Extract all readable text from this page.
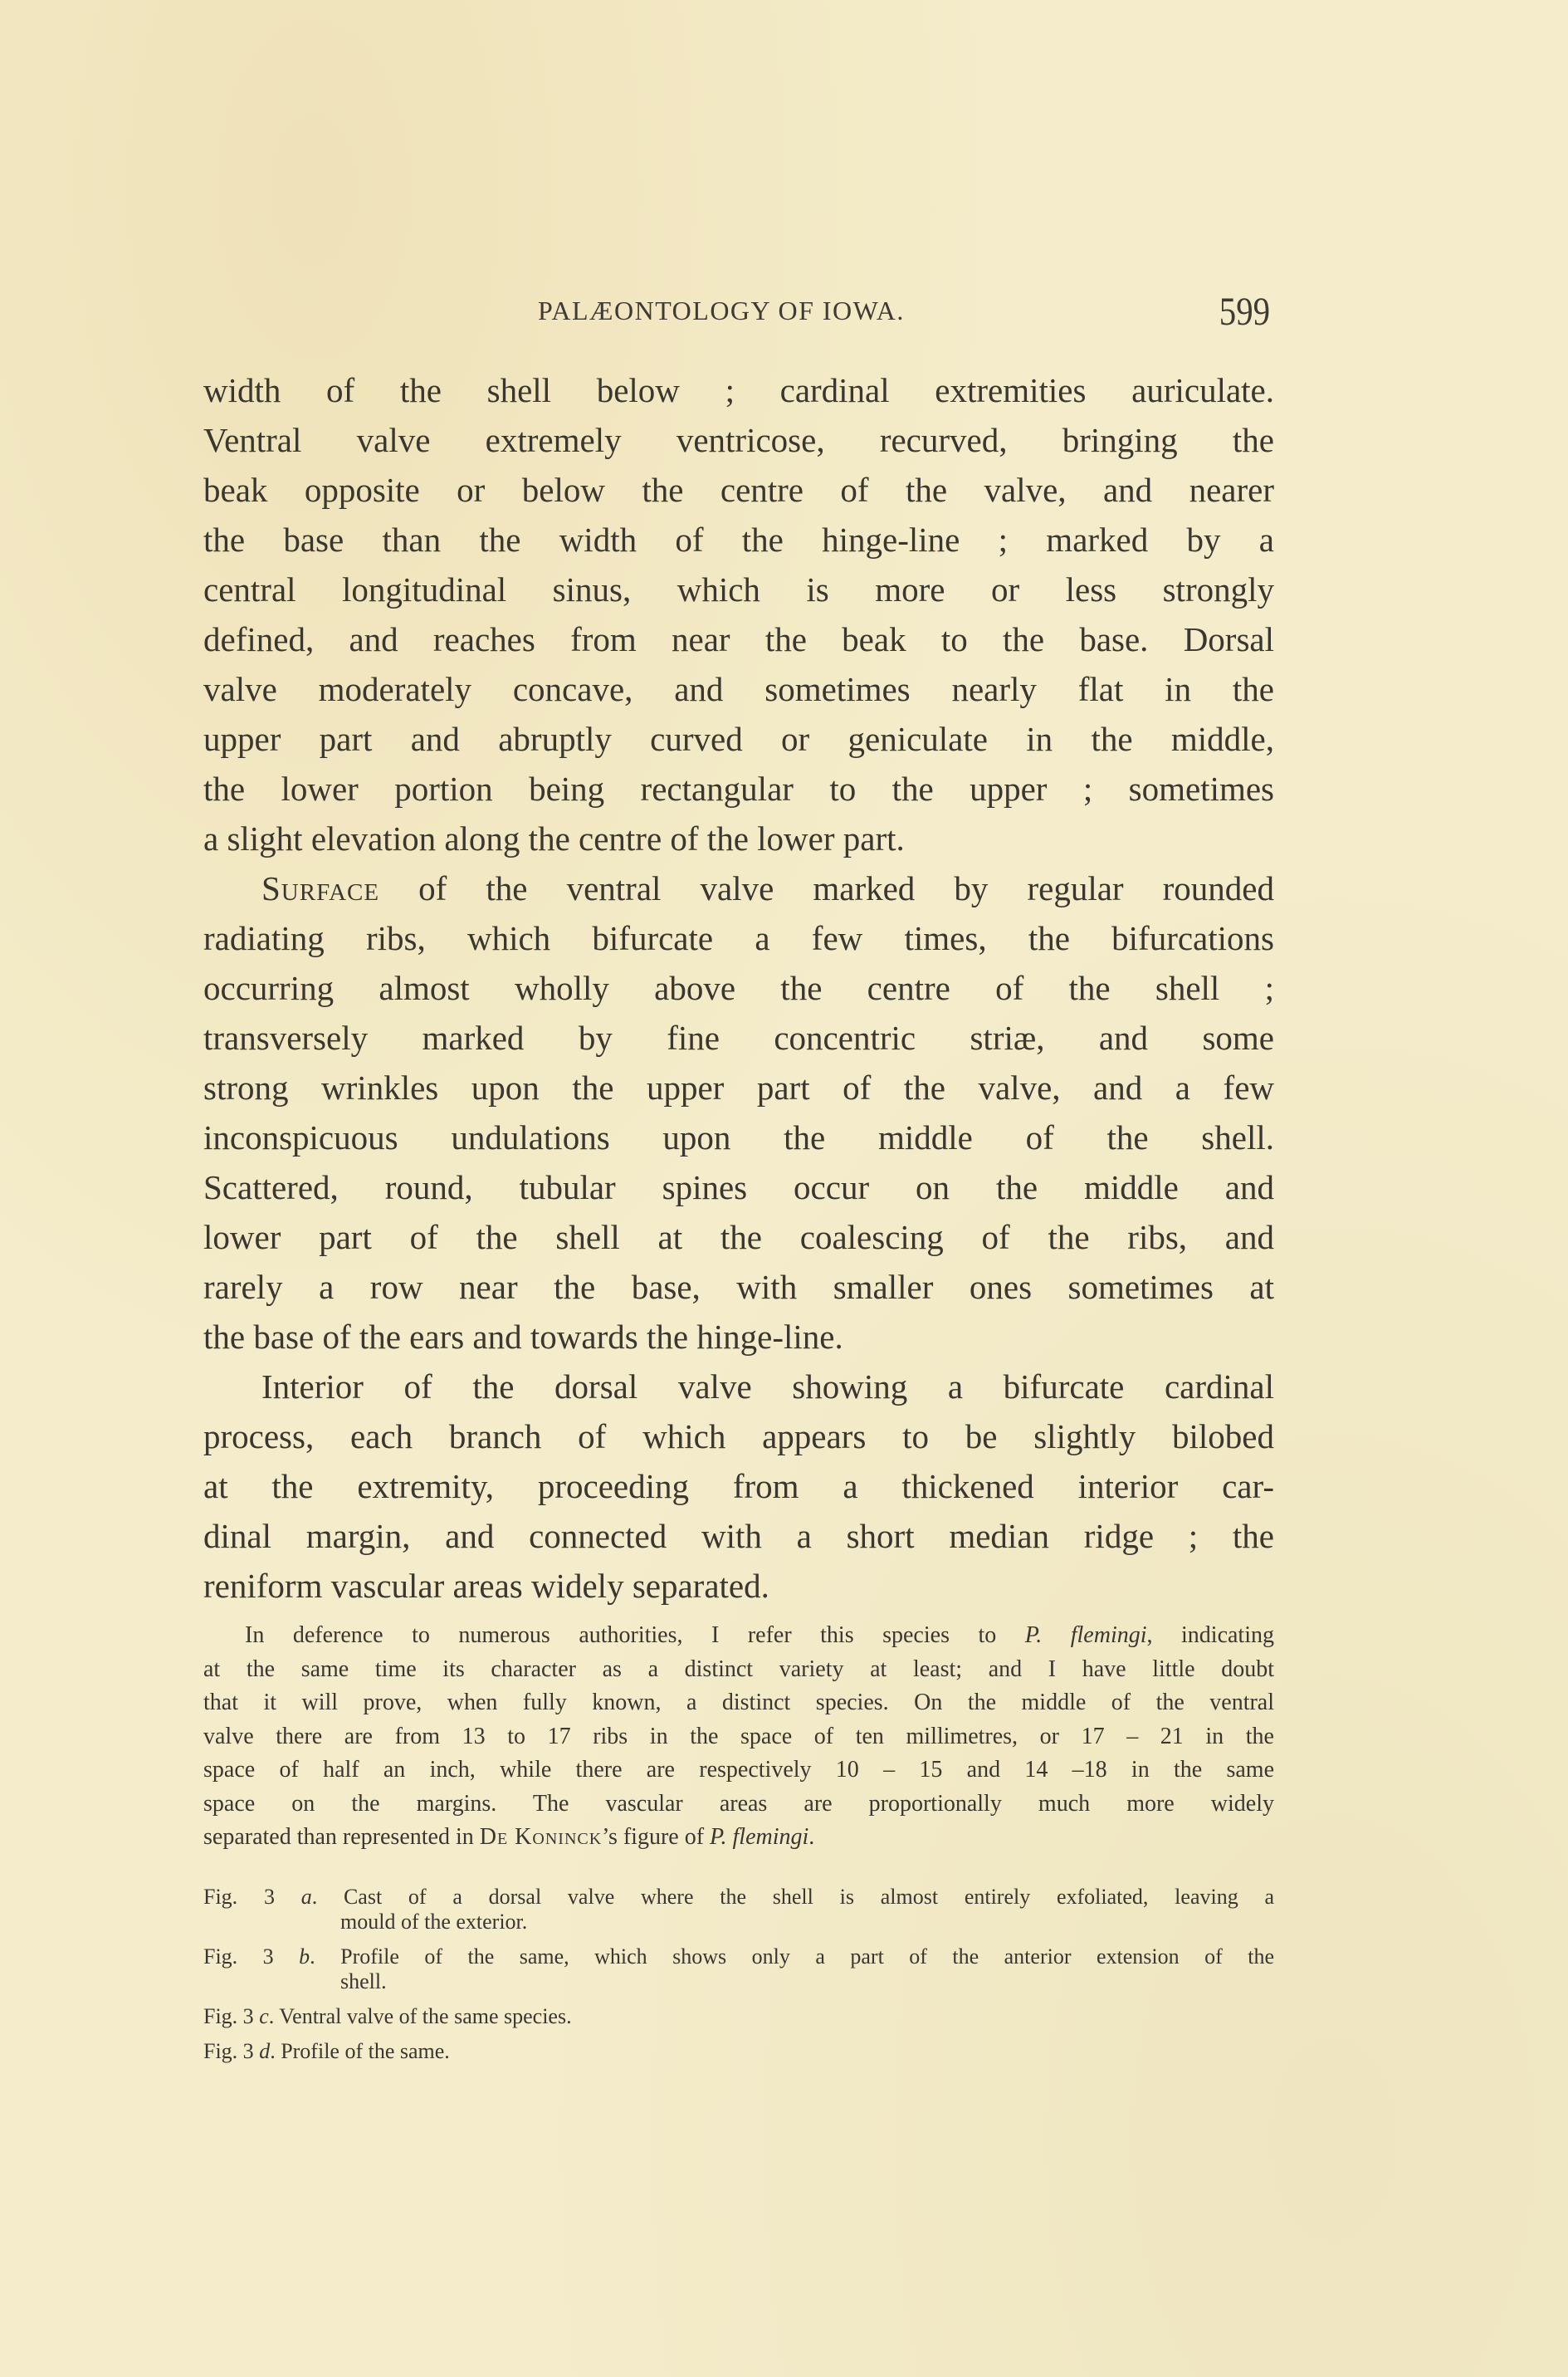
PALÆONTOLOGY OF IOWA.	599
width of the shell below ; cardinal extremities auriculate.
Ventral valve extremely ventricose, recurved, bringing the
beak opposite or below the centre of the valve, and nearer
the base than the width of the hinge-line ; marked by a
central longitudinal sinus, which is more or less strongly
defined, and reaches from near the beak to the base. Dorsal
valve moderately concave, and sometimes nearly flat in the
upper part and abruptly curved or geniculate in the middle,
the lower portion being rectangular to the upper ; sometimes
a slight elevation along the centre of the lower part.
Surface of the ventral valve marked by regular rounded
radiating ribs, which bifurcate a few times, the bifurcations
occurring almost wholly above the centre of the shell ;
transversely marked by fine concentric striæ, and some
strong wrinkles upon the upper part of the valve, and a few
inconspicuous undulations upon the middle of the shell.
Scattered, round, tubular spines occur on the middle and
lower part of the shell at the coalescing of the ribs, and
rarely a row near the base, with smaller ones sometimes at
the base of the ears and towards the hinge-line.
Interior of the dorsal valve showing a bifurcate cardinal
process, each branch of which appears to be slightly bilobed
at the extremity, proceeding from a thickened interior car-
dinal margin, and connected with a short median ridge ; the
reniform vascular areas widely separated.
In deference to numerous authorities, I refer this species to P. flemingi, indicating
at the same time its character as a distinct variety at least; and I have little doubt
that it will prove, when fully known, a distinct species. On the middle of the ventral
valve there are from 13 to 17 ribs in the space of ten millimetres, or 17 – 21 in the
space of half an inch, while there are respectively 10 – 15 and 14 –18 in the same
space on the margins. The vascular areas are proportionally much more widely
separated than represented in De Koninck’s figure of P. flemingi.
Fig. 3 a. Cast of a dorsal valve where the shell is almost entirely exfoliated, leaving a
mould of the exterior.
Fig. 3 b. Profile of the same, which shows only a part of the anterior extension of the
shell.
Fig. 3 c. Ventral valve of the same species.
Fig. 3 d. Profile of the same.
